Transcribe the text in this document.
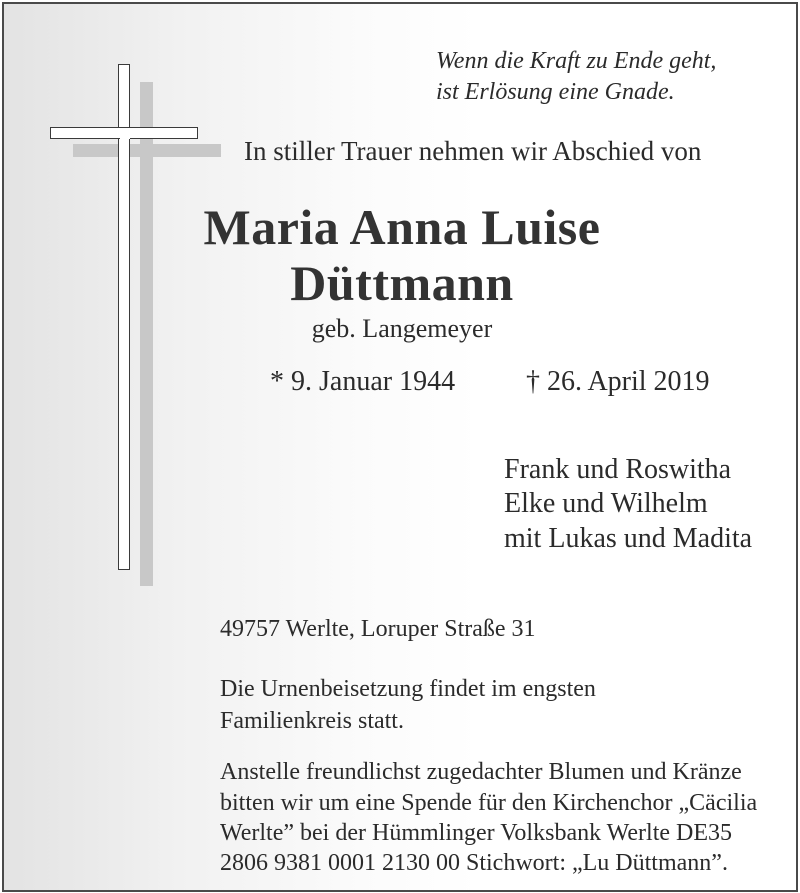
Wenn die Kraft zu Ende geht,
ist Erlösung eine Gnade.
In stiller Trauer nehmen wir Abschied von
Maria Anna Luise
Düttmann
geb. Langemeyer
* 9. Januar 1944	† 26. April 2019
Frank und Roswitha
Elke und Wilhelm
mit Lukas und Madita
49757 Werlte, Loruper Straße 31
Die Urnenbeisetzung findet im engsten
Familienkreis statt.
Anstelle freundlichst zugedachter Blumen und Kränze
bitten wir um eine Spende für den Kirchenchor „Cäcilia
Werlte” bei der Hümmlinger Volksbank Werlte DE35
2806 9381 0001 2130 00 Stichwort: „Lu Düttmann”.
